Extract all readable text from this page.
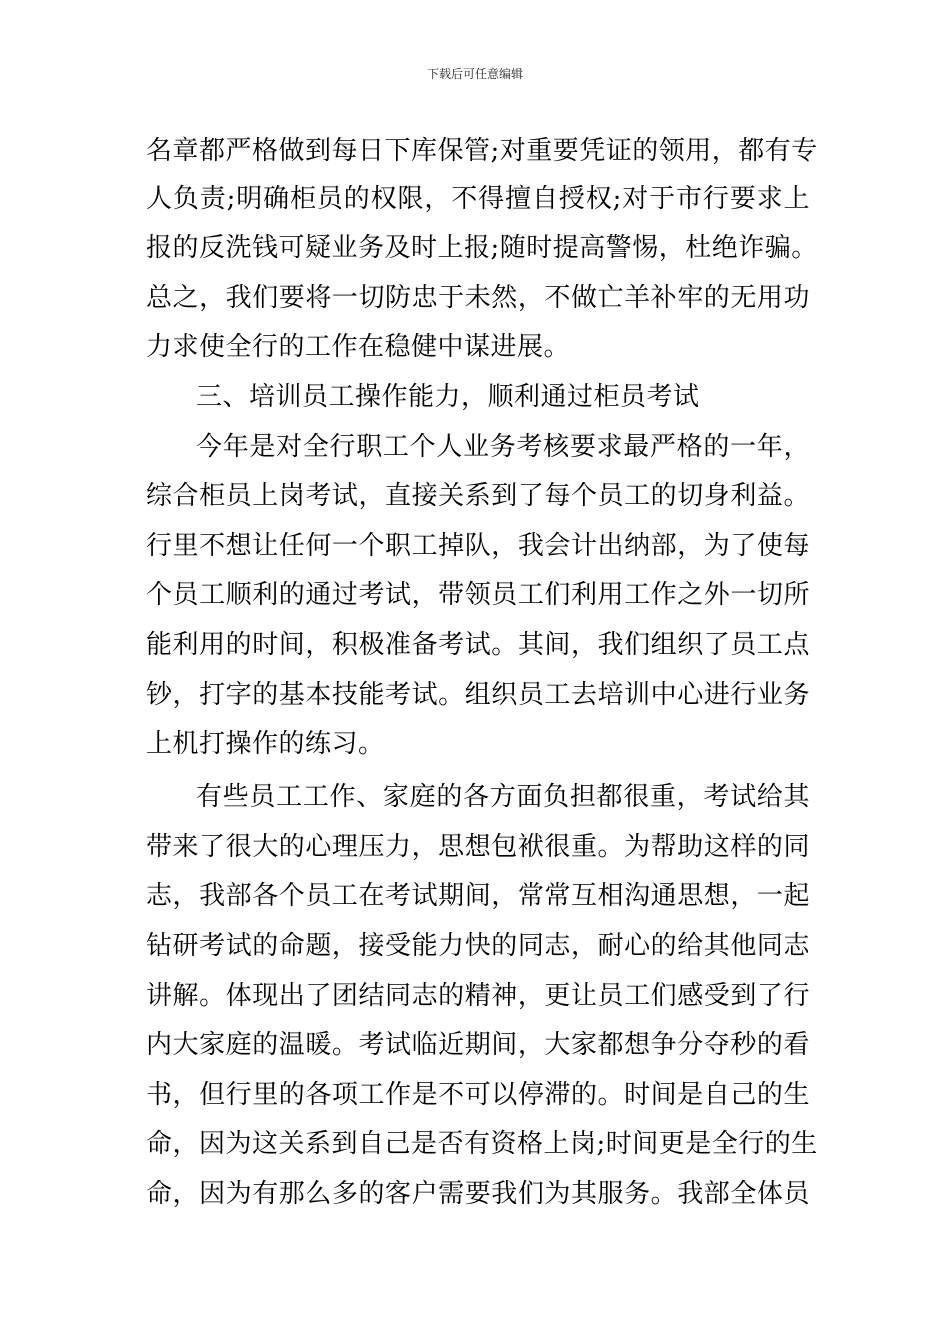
下载后可任意编辑
名章都严格做到每日下库保管;对重要凭证的领用，都有专
人负责;明确柜员的权限，不得擅自授权;对于市行要求上
报的反洗钱可疑业务及时上报;随时提高警惕，杜绝诈骗。
总之，我们要将一切防忠于未然，不做亡羊补牢的无用功
力求使全行的工作在稳健中谋进展。
三、培训员工操作能力，顺利通过柜员考试
今年是对全行职工个人业务考核要求最严格的一年，
综合柜员上岗考试，直接关系到了每个员工的切身利益。
行里不想让任何一个职工掉队，我会计出纳部，为了使每
个员工顺利的通过考试，带领员工们利用工作之外一切所
能利用的时间，积极准备考试。其间，我们组织了员工点
钞，打字的基本技能考试。组织员工去培训中心进行业务
上机打操作的练习。
有些员工工作、家庭的各方面负担都很重，考试给其
带来了很大的心理压力，思想包袱很重。为帮助这样的同
志，我部各个员工在考试期间，常常互相沟通思想，一起
钻研考试的命题，接受能力快的同志，耐心的给其他同志
讲解。体现出了团结同志的精神，更让员工们感受到了行
内大家庭的温暖。考试临近期间，大家都想争分夺秒的看
书，但行里的各项工作是不可以停滞的。时间是自己的生
命，因为这关系到自己是否有资格上岗;时间更是全行的生
命，因为有那么多的客户需要我们为其服务。我部全体员
